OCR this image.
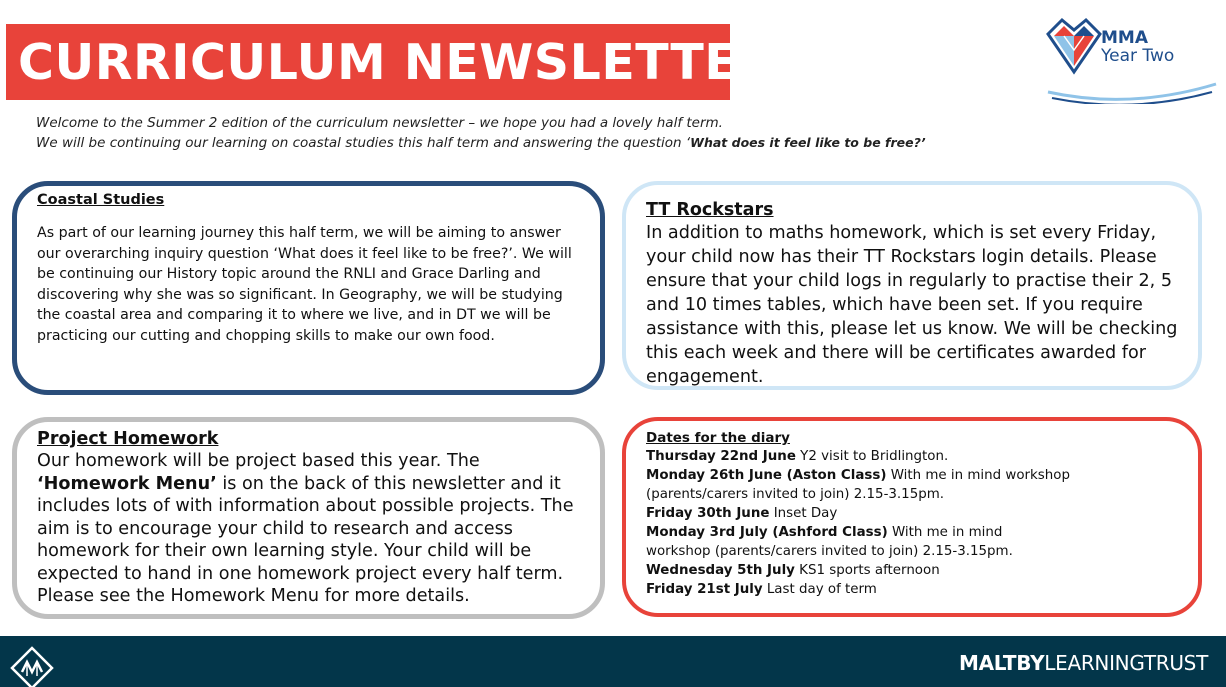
CURRICULUM NEWSLETTER	MMA
Year Two
Welcome to the Summer 2 edition of the curriculum newsletter – we hope you had a lovely half term.
We will be continuing our learning on coastal studies this half term and answering the question ‘What does it feel like to be free?’
Coastal Studies

As part of our learning journey this half term, we will be aiming to answer our overarching inquiry question ‘What does it feel like to be free?’. We will be continuing our History topic around the RNLI and Grace Darling and discovering why she was so significant. In Geography, we will be studying the coastal area and comparing it to where we live, and in DT we will be practicing our cutting and chopping skills to make our own food.

TT Rockstars

In addition to maths homework, which is set every Friday, your child now has their TT Rockstars login details. Please ensure that your child logs in regularly to practise their 2, 5 and 10 times tables, which have been set. If you require assistance with this, please let us know. We will be checking this each week and there will be certificates awarded for engagement.

Project Homework

Our homework will be project based this year. The ‘Homework Menu’ is on the back of this newsletter and it includes lots of with information about possible projects. The aim is to encourage your child to research and access homework for their own learning style. Your child will be expected to hand in one homework project every half term. Please see the Homework Menu for more details.

Dates for the diary
Thursday 22nd June Y2 visit to Bridlington.
Monday 26th June (Aston Class) With me in mind workshop
(parents/carers invited to join) 2.15-3.15pm.
Friday 30th June Inset Day
Monday 3rd July (Ashford Class) With me in mind
workshop (parents/carers invited to join) 2.15-3.15pm.
Wednesday 5th July KS1 sports afternoon
Friday 21st July Last day of term
MALTBYLEARNINGTRUST
